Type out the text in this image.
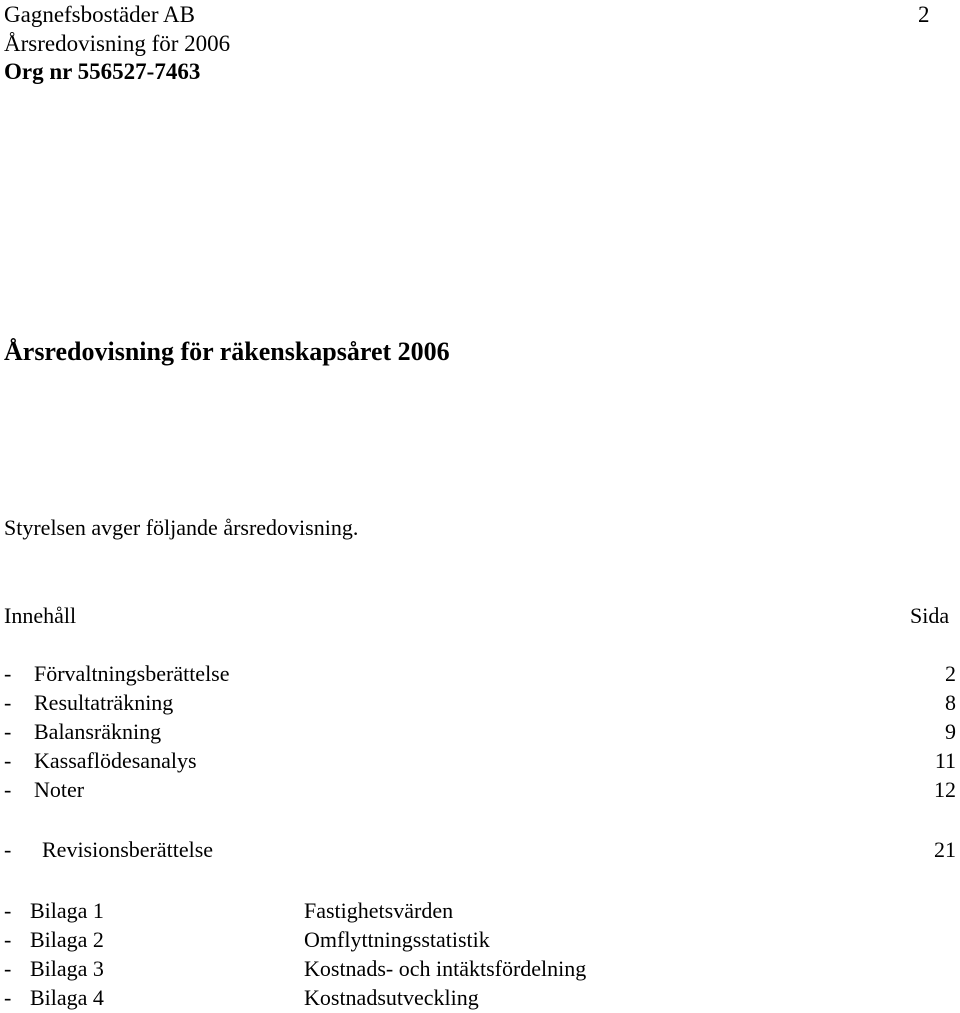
Gagnefsbostäder AB	2
Årsredovisning för 2006
Org nr 556527-7463
Årsredovisning för räkenskapsåret 2006
Styrelsen avger följande årsredovisning.
Innehåll	Sida
- Förvaltningsberättelse	2
- Resultaträkning	8
- Balansräkning	9
- Kassaflödesanalys	11
- Noter	12
- Revisionsberättelse	21
- Bilaga 1	Fastighetsvärden
- Bilaga 2	Omflyttningsstatistik
- Bilaga 3	Kostnads- och intäktsfördelning
- Bilaga 4	Kostnadsutveckling
